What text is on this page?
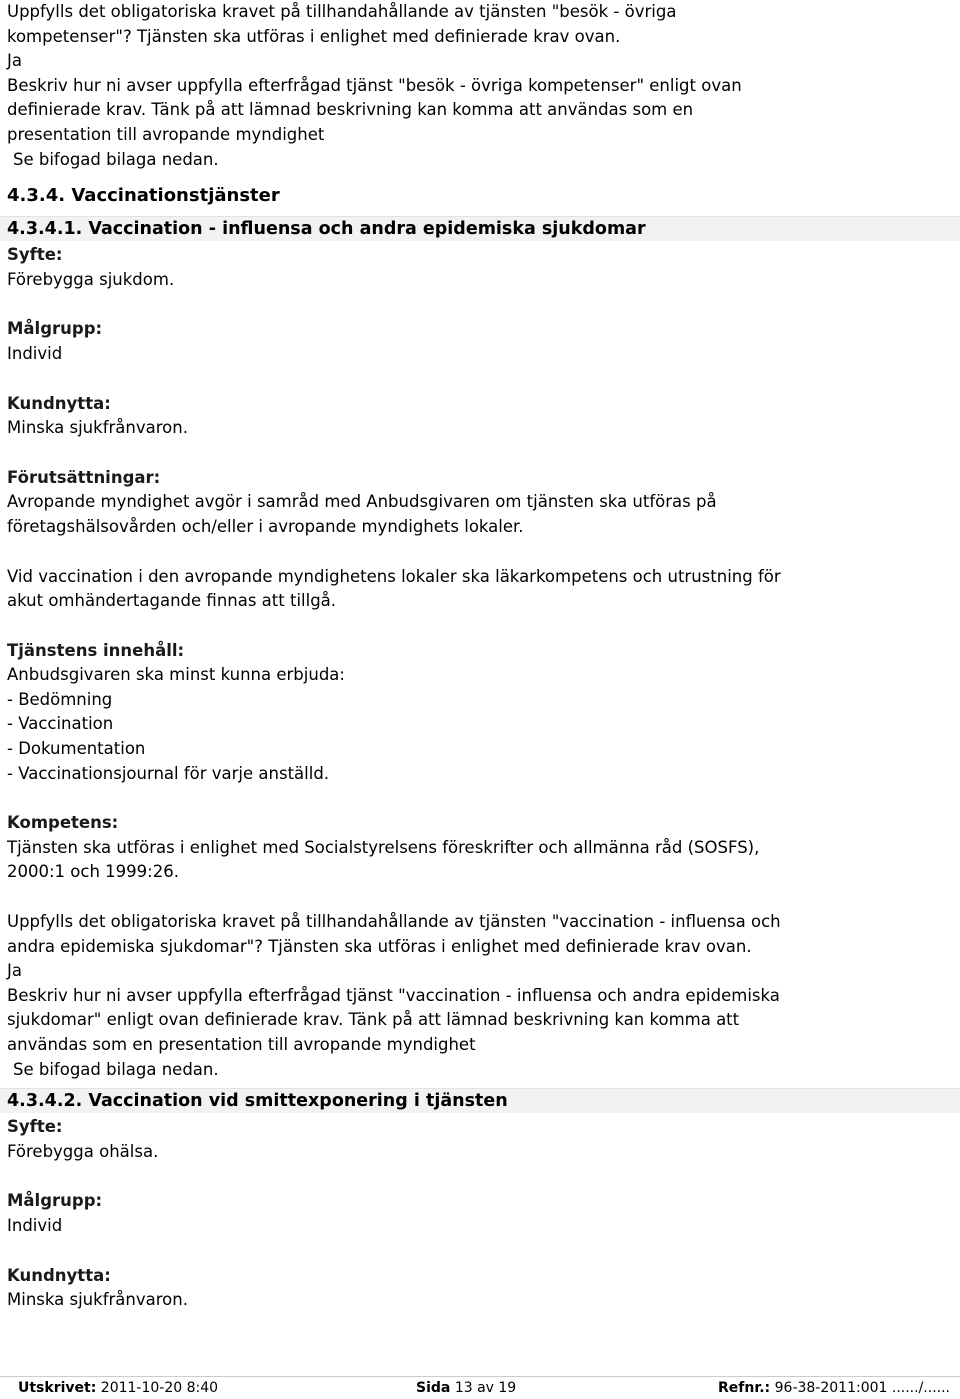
Uppfylls det obligatoriska kravet på tillhandahållande av tjänsten "besök - övriga
kompetenser"? Tjänsten ska utföras i enlighet med definierade krav ovan.
Ja
Beskriv hur ni avser uppfylla efterfrågad tjänst "besök - övriga kompetenser" enligt ovan
definierade krav. Tänk på att lämnad beskrivning kan komma att användas som en
presentation till avropande myndighet
Se bifogad bilaga nedan.
4.3.4. Vaccinationstjänster
4.3.4.1. Vaccination - influensa och andra epidemiska sjukdomar
Syfte:
Förebygga sjukdom.
Målgrupp:
Individ
Kundnytta:
Minska sjukfrånvaron.
Förutsättningar:
Avropande myndighet avgör i samråd med Anbudsgivaren om tjänsten ska utföras på
företagshälsovården och/eller i avropande myndighets lokaler.
Vid vaccination i den avropande myndighetens lokaler ska läkarkompetens och utrustning för
akut omhändertagande finnas att tillgå.
Tjänstens innehåll:
Anbudsgivaren ska minst kunna erbjuda:
- Bedömning
- Vaccination
- Dokumentation
- Vaccinationsjournal för varje anställd.
Kompetens:
Tjänsten ska utföras i enlighet med Socialstyrelsens föreskrifter och allmänna råd (SOSFS),
2000:1 och 1999:26.
Uppfylls det obligatoriska kravet på tillhandahållande av tjänsten "vaccination - influensa och
andra epidemiska sjukdomar"? Tjänsten ska utföras i enlighet med definierade krav ovan.
Ja
Beskriv hur ni avser uppfylla efterfrågad tjänst "vaccination - influensa och andra epidemiska
sjukdomar" enligt ovan definierade krav. Tänk på att lämnad beskrivning kan komma att
användas som en presentation till avropande myndighet
Se bifogad bilaga nedan.
4.3.4.2. Vaccination vid smittexponering i tjänsten
Syfte:
Förebygga ohälsa.
Målgrupp:
Individ
Kundnytta:
Minska sjukfrånvaron.
Utskrivet: 2011-10-20 8:40	Sida 13 av 19	Refnr.: 96-38-2011:001 ....../......
